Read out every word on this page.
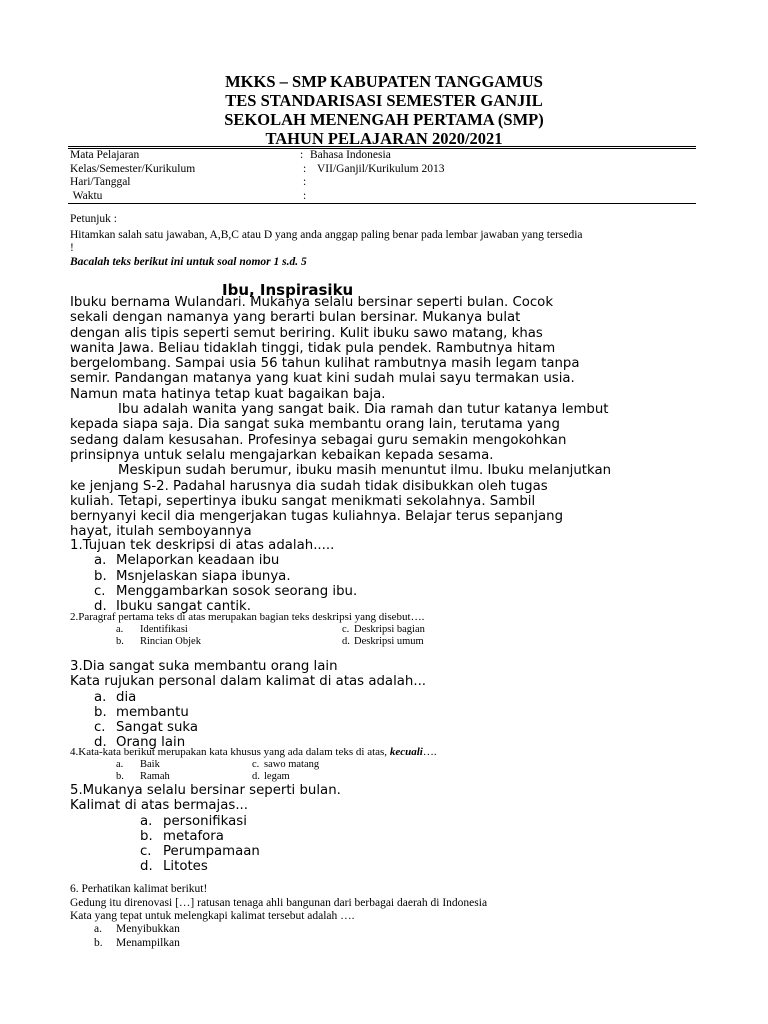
MKKS – SMP KABUPATEN TANGGAMUS
TES STANDARISASI SEMESTER GANJIL
SEKOLAH MENENGAH PERTAMA (SMP)
TAHUN PELAJARAN 2020/2021
Mata Pelajaran	: Bahasa Indonesia
Kelas/Semester/Kurikulum	: VII/Ganjil/Kurikulum 2013
Hari/Tanggal	:
Waktu	:
Petunjuk :
Hitamkan salah satu jawaban, A,B,C atau D yang anda anggap paling benar pada lembar jawaban yang tersedia
!
Bacalah teks berikut ini untuk soal nomor 1 s.d. 5
Ibu, Inspirasiku
Ibuku bernama Wulandari. Mukanya selalu bersinar seperti bulan. Cocok
sekali dengan namanya yang berarti bulan bersinar. Mukanya bulat
dengan alis tipis seperti semut beriring. Kulit ibuku sawo matang, khas
wanita Jawa. Beliau tidaklah tinggi, tidak pula pendek. Rambutnya hitam
bergelombang. Sampai usia 56 tahun kulihat rambutnya masih legam tanpa
semir. Pandangan matanya yang kuat kini sudah mulai sayu termakan usia.
Namun mata hatinya tetap kuat bagaikan baja.
Ibu adalah wanita yang sangat baik. Dia ramah dan tutur katanya lembut
kepada siapa saja. Dia sangat suka membantu orang lain, terutama yang
sedang dalam kesusahan. Profesinya sebagai guru semakin mengokohkan
prinsipnya untuk selalu mengajarkan kebaikan kepada sesama.
Meskipun sudah berumur, ibuku masih menuntut ilmu. Ibuku melanjutkan
ke jenjang S-2. Padahal harusnya dia sudah tidak disibukkan oleh tugas
kuliah. Tetapi, sepertinya ibuku sangat menikmati sekolahnya. Sambil
bernyanyi kecil dia mengerjakan tugas kuliahnya. Belajar terus sepanjang
hayat, itulah semboyannya
1.Tujuan tek deskripsi di atas adalah.....
a. Melaporkan keadaan ibu
b. Msnjelaskan siapa ibunya.
c. Menggambarkan sosok seorang ibu.
d. Ibuku sangat cantik.
2.Paragraf pertama teks di atas merupakan bagian teks deskripsi yang disebut….
a. Identifikasi	c. Deskripsi bagian
b. Rincian Objek	d. Deskripsi umum
3.Dia sangat suka membantu orang lain
Kata rujukan personal dalam kalimat di atas adalah...
a. dia
b. membantu
c. Sangat suka
d. Orang lain
4.Kata-kata berikut merupakan kata khusus yang ada dalam teks di atas, kecuali….
a. Baik	c. sawo matang
b. Ramah	d. legam
5.Mukanya selalu bersinar seperti bulan.
Kalimat di atas bermajas...
a. personifikasi
b. metafora
c. Perumpamaan
d. Litotes
6. Perhatikan kalimat berikut!
Gedung itu direnovasi […] ratusan tenaga ahli bangunan dari berbagai daerah di Indonesia
Kata yang tepat untuk melengkapi kalimat tersebut adalah ….
a. Menyibukkan
b. Menampilkan
